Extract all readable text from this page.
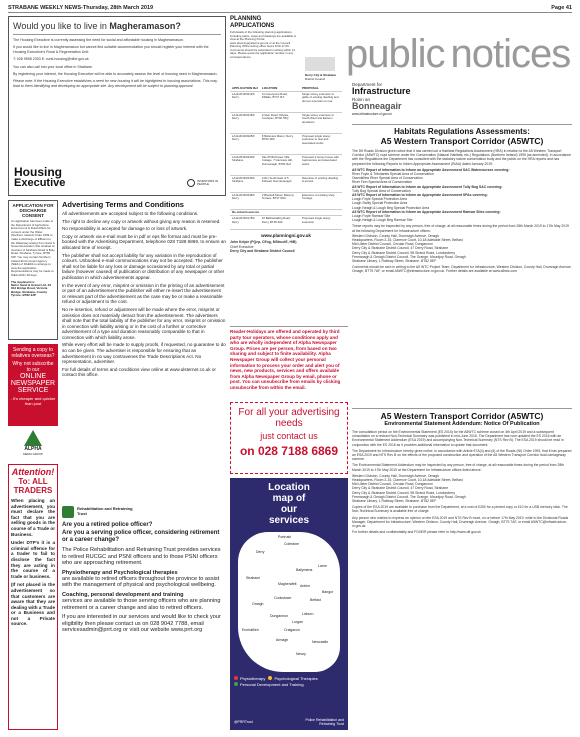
STRABANE WEEKLY NEWS-Thursday, 28th March 2019	Page 41
Would you like to live in Magheramason?
The Housing Executive is currently assessing the need for social and affordable housing in Magheramason.
If you would like to live in Magheramason but cannot find suitable accommodation you should register your interest with the Housing Executive's Rural & Regeneration Unit.
T: 028 9598 2303 E: rural.housing@nihe.gov.uk
You can also call into your local office in Strabane.
By registering your interest, the Housing Executive will be able to accurately assess the level of housing need in Magheramason.
Please note: If the Housing Executive establishes a need for new housing it will be highlighted to housing associations. This may lead to them identifying and developing an appropriate site. Any development will be subject to planning approval.
Housing
Executive	INVESTORS IN PEOPLE
PLANNING
APPLICATIONS
Full details of the following planning applications including plans, maps and drawings are available to view at the Planning Portal: www.planningsystemni.gov.uk or at the Council Planning Office during office hours 9.00-17.00. Comments should be submitted in writing within 14 days. Please quote the application number in any correspondence.
Derry City & Strabane
District Council
APPLICATION Ref	LOCATION	PROPOSAL
LA11/2019/0213/F Derry	11 Greenpoint Road, Kilfalke, BT47 3LT	Single storey extension to gable of existing dwelling and dormer extension to rear
LA11/2019/0218/F Derry	9 Glen Road, Killylea, Coshquin, BT48 7RQ	Single storey extension to South-West and Eastern elevations
LA11/2019/0228/F Derry	8 Belleview Manor, Derry, BT93 4RX	Proposed single storey extension to rear and associated works
LA11/2019/0230/F Strabane	Site 65 Birchview Villa Cottage, 7 Glenview Hill, Dunmanagh, BT82 9LZ	Proposed 2 storey house with road access and associated works
LA11/2019/0235/F Strabane	110m South East of 5 Kirkwell, Dunnamanagh	Retention of existing dwelling & access
LA11/2019/0238/F Derry	2 Bluebell Street, Belcony Terrace, BT47 6AN	Extension of existing shop frontage
Re-Advertisements		
LA11/2019/0178/F Derry	22 Ballnashallog Road, Derry, BT48 4HF	Proposed single storey extension
www.planningni.gov.uk
John Kelpie (PQep, CEng, MStructE, HiB)
Chief Executive
Derry City and Strabane District Council
public notices
Department for
Infrastructure
Roinn an
Bonneagair
www.infrastructure-ni.gov.uk
Habitats Regulations Assessments:
A5 Western Transport Corridor (A5WTC)
The DfI Roads Division gives notice that it has carried out a Habitats Regulations Assessment (HRA) in relation to the A5 Western Transport Corridor (A5WTC) road scheme under the Conservation (Natural Habitats, etc.) Regulations (Northern Ireland) 1995 (as amended). In accordance with the Regulations the Department has consulted with the statutory nature conservation body and the public on the HRA reports and has prepared the following Reports to Inform Appropriate Assessment (RIAA) dated January 2019:
A5 WTC Report of Information to Inform an Appropriate Assessment SAC Watercourses covering:
River Foyle & Tributaries Special Area of Conservation
Owenkillew River Special Area of Conservation
River Finn Special Area of Conservation
A5 WTC Report of Information to Inform an Appropriate Assessment Tully Bog SAC covering:
Tully Bog Special Area of Conservation
A5 WTC Report of Information to Inform an Appropriate Assessment SPAs covering:
Lough Foyle Special Protection Area
Lough Swilly Special Protection Area
Lough Neagh & Lough Beg Special Protection Area
A5 WTC Report of Information to Inform an Appropriate Assessment Ramsar Sites covering:
Lough Foyle Ramsar Site
Lough Neagh & Lough Beg Ramsar Site
These reports may be inspected by any person, free of charge, at all reasonable times during the period from 28th March 2019 to 17th May 2019 at the following Department for Infrastructure offices:
Western Division, County Hall, Drumragh Avenue, Omagh
Headquarters, Room 2-15, Clarence Court, 10-18 Adelaide Street, Belfast
Mid Ulster District Council, Circular Road, Dungannon
Derry City & Strabane District Council, 47 Derry Road, Strabane
Derry City & Strabane District Council, 98 Strand Road, Londonderry
Fermanagh & Omagh District Council, The Grange, Mountjoy Road, Omagh
Strabane Library, 1 Railway Street, Strabane, BT82 8EF
Comments should be sent in writing to the A5 WTC Project Team, Department for Infrastructure, Western Division, County Hall, Drumragh Avenue, Omagh, BT79 7AF, or email A5WTC@infrastructure-ni.gov.uk. Further details are available at www.a5wtc.com
A5 Western Transport Corridor (A5WTC)
Environmental Statement Addendum: Notice Of Publication
The consultation period on the Environmental Statement (ES 2016) for the A5WTC scheme closed on 4th April 2019 and a subsequent consultation on a revised Non-Technical Summary was published in mid-June 2016. The Department has now updated the ES 2016 with an Environmental Statement Addendum (ESA 2019) and accompanying Non-Technical Summary (NTS Rev B). The ESA 2019 should be read in conjunction with the ES 2016 as it provides additional information to update that document.
The Department for Infrastructure hereby gives notice, in accordance with Article 67A(4) and (6) of the Roads (NI) Order 1993, that it has prepared an ESA 2019 and NTS Rev B on the effects of the proposed construction and operation of the A5 Western Transport Corridor dual carriageway scheme.
The Environmental Statement Addendum may be inspected by any person, free of charge, at all reasonable times during the period from 28th March 2019 to 17th May 2019 at the Department for Infrastructure offices listed above.
Western Division, County Hall, Drumragh Avenue, Omagh
Headquarters, Room 2-15, Clarence Court, 10-18 Adelaide Street, Belfast
Mid Ulster District Council, Circular Road, Dungannon
Derry City & Strabane District Council, 47 Derry Road, Strabane
Derry City & Strabane District Council, 98 Strand Road, Londonderry
Fermanagh & Omagh District Council, The Grange, Mountjoy Road, Omagh
Strabane Library, 1 Railway Street, Strabane, BT82 8EF
Copies of the ESA 2019 are available to purchase from the Department, at a cost of £250 for a printed copy or £10 for a USB memory stick. The Non-Technical Summary is available free of charge.
Any person who wishes to express an opinion on the ESA 2019 and NTS Rev B must, on or before 17th May 2019, write to the Divisional Roads Manager, Department for Infrastructure, Western Division, County Hall, Drumragh Avenue, Omagh, BT79 7AF, or email A5WTC@infrastructure-ni.gov.uk.
For further details and confidentiality and FOI/EIR please refer to http://www.dfi.gov.uk
APPLICATION FOR DISCHARGE CONSENT
An application has been made to the Department of Agriculture, Environment & Rural Affairs for consent under the Water (Northern Ireland) Order 1999 to make a discharge of Effluent to the Waterway arising from Sand & Gravel Excavation Site situated at Junction of Strabane Road & Bray Road, Strabane, Tyrone, BT82 9JP. You may contact Northern Ireland Environment Agency (NIEA) of DAERA to arrange to view the application. Representations may be made to NIEA within 28 days.
The Applicant is:
Metro Sand & Gravel Ltd, 23 Old Bridge Road, Victoria Bridge, Strabane, County Tyrone, BT82 9JP
Sending a copy to
relatives overseas?
Why not subscribe
to our
ONLINE
NEWSPAPER
SERVICE
- It's cheaper and quicker
than post
ALPHA
MEDIA GROUP
Attention!
To: ALL
TRADERS
When placing an advertisement, you must declare the fact that you are selling goods in the course of a Trade or Business.
Under DTP's it is a criminal offence for a trader to fail to disclose the fact they are acting in the course of a trade or business.
(If not placed in the advertisement so that customers are aware that they are dealing with a Trade or a Business and not a Private source.
Advertising Terms and Conditions
All advertisements are accepted subject to the following conditions.
The right to decline any copy or artwork without giving any reason is reserved.
No responsibility is accepted for damage to or loss of artwork.
Copy or artwork via e-mail must be in pdf or eps file format and must be pre-booked with the Advertising Department, telephone 028 7188 6869, to ensure an allocated time of receipt.
The publisher shall not accept liability for any variation in the reproduction of colours. Unbooked e-mail communications may not be accepted. The publisher shall not be liable for any loss or damage occasioned by any total or partial failure (however caused) of publication or distribution of any newspaper or other publication in which advertisements appear.
In the event of any error, misprint or omission in the printing of an advertisement or part of an advertisement the publisher will either re-insert the advertisement or relevant part of the advertisement as the case may be or make a reasonable refund or adjustment to the cost.
No re-insertion, refund or adjustment will be made where the error, misprint or omission does not materially detract from the advertisement. The advertisers shall note that the total liability of the publisher for any error, misprint or omission in connection with liability arising or in the cost of a further or corrective advertisement of a type and duration reasonably comparable to that in connection with which liability arose.
While every effort will be made to supply proofs, if requested, no guarantee to do so can be given. The advertiser is responsible for ensuring that an advertisement in no way contravenes the Trade Descriptions Act. No representation, advertiser.
For full details of terms and conditions view online at www.ulsternet.co.uk or contact this office.
Reader-Holidays are offered and operated by third party tour operators, whose conditions apply and who are wholly independent of Alpha Newspaper Group. Prices are per person, from based on two sharing and subject to finite availability. Alpha Newspaper Group will collect your personal information to process your order and alert you of news, new products, services and offers available from Alpha Newspaper Group by email, phone or post. You can unsubscribe from emails by clicking unsubscribe from within the email.
For all your advertising needs
just contact us
on 028 7188 6869
Rehabilitation and Retraining Trust
Are you a retired police officer?
Are you a serving police officer, considering retirement or a career change?
The Police Rehabilitation and Retraining Trust provides services to retired RUCGC and PSNI officers and to those PSNI officers who are approaching retirement.
Physiotherapy and Psychological therapies
are available to retired officers throughout the province to assist with the management of physical and psychological wellbeing.
Coaching, personal development and training
services are available to those serving officers who are planning retirement or a career change and also to retired officers.
If you are interested in our services and would like to check your eligibility then please contact us on 028 9042 7788, email servicesadmin@prrt.org or visit our website www.prrt.org
Location
map of
our
services
Coleraine
Portrush
Ballymena
Derry
Larne
Antrim
Bangor
Belfast
Magherafelt
Strabane
Cookstown
Omagh
Dungannon	Lisburn
Lurgan
Craigavon
Armagh
Enniskillen
Newry
Newcastle
Physiotherapy Psychological Therapies
Personal Development and Training
@PRRTrust	Police Rehabilitation and Retraining Trust
